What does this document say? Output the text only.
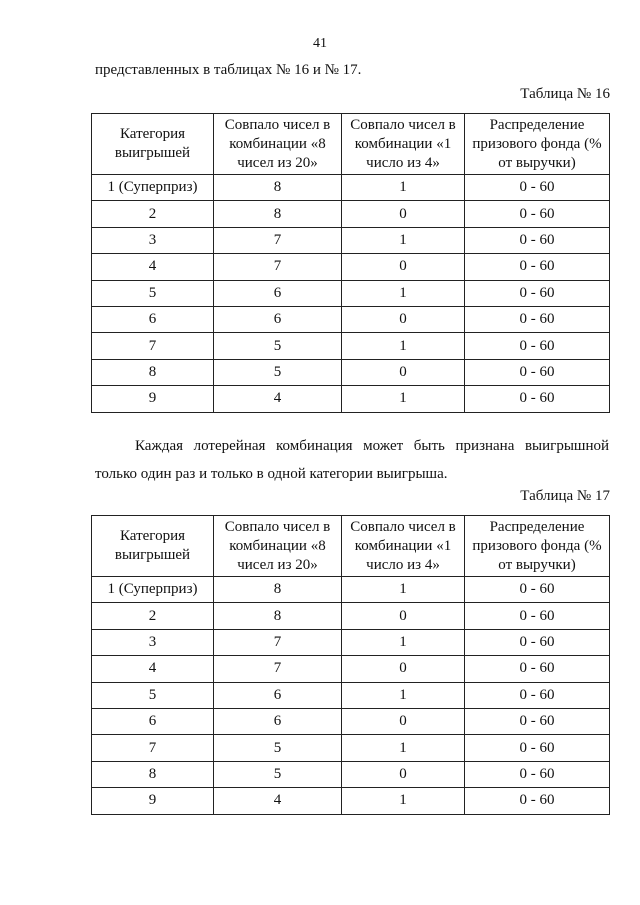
41
представленных в таблицах № 16 и № 17.
Таблица № 16
Категория выигрышей	Совпало чисел в комбинации «8 чисел из 20»	Совпало чисел в комбинации «1 число из 4»	Распределение призового фонда (% от выручки)
1 (Суперприз)	8	1	0 - 60
2	8	0	0 - 60
3	7	1	0 - 60
4	7	0	0 - 60
5	6	1	0 - 60
6	6	0	0 - 60
7	5	1	0 - 60
8	5	0	0 - 60
9	4	1	0 - 60
Каждая лотерейная комбинация может быть признана выигрышной только один раз и только в одной категории выигрыша.
Таблица № 17
Категория выигрышей	Совпало чисел в комбинации «8 чисел из 20»	Совпало чисел в комбинации «1 число из 4»	Распределение призового фонда (% от выручки)
1 (Суперприз)	8	1	0 - 60
2	8	0	0 - 60
3	7	1	0 - 60
4	7	0	0 - 60
5	6	1	0 - 60
6	6	0	0 - 60
7	5	1	0 - 60
8	5	0	0 - 60
9	4	1	0 - 60
